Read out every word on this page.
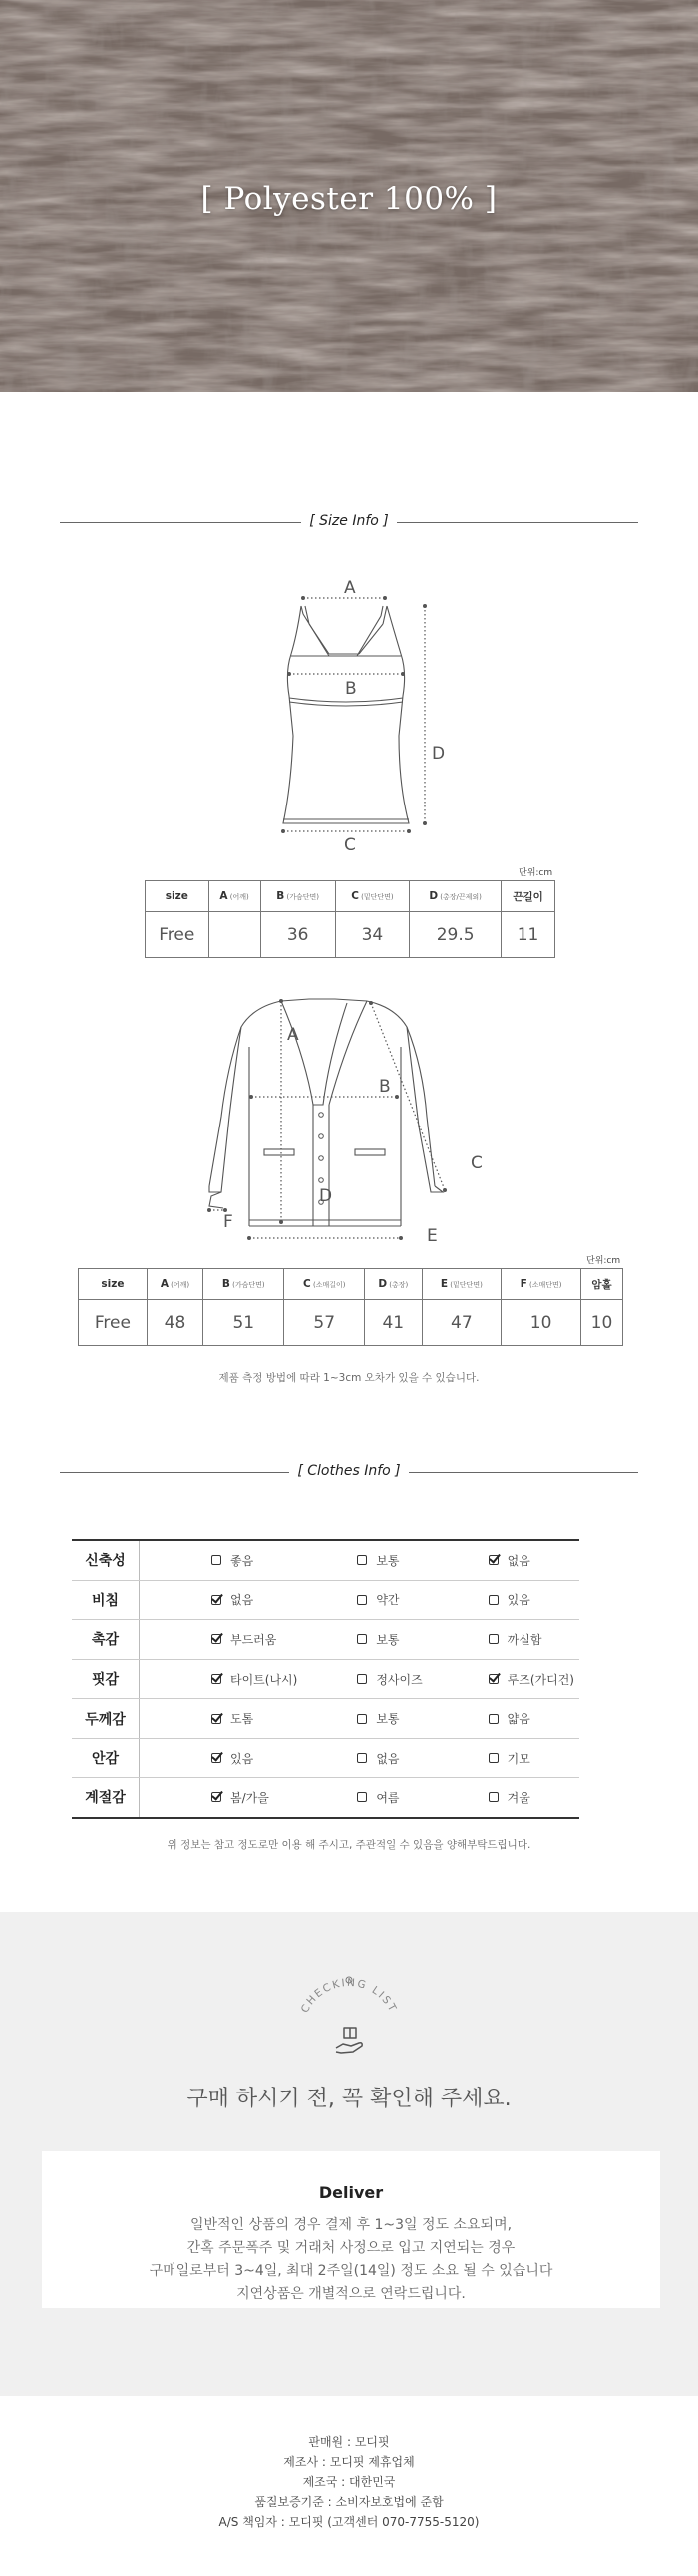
[ Polyester 100% ]
[ Size Info ]
A
B
C
D
단위:cm
size	A (어깨)	B (가슴단면)	C (밑단단면)	D (총장/끈제외)	끈길이
Free		36	34	29.5	11
A
B
C
D
E
F
단위:cm
size	A (어깨)	B (가슴단면)	C (소매길이)	D (총장)	E (밑단단면)	F (소매단면)	암홀
Free	48	51	57	41	47	10	10
제품 측정 방법에 따라 1~3cm 오차가 있을 수 있습니다.
[ Clothes Info ]
신축성	좋음	보통	없음
비침	없음	약간	있음
촉감	부드러움	보통	까실함
핏감	타이트(나시)	정사이즈	루즈(가디건)
두께감	도톰	보통	얇음
안감	있음	없음	기모
계절감	봄/가을	여름	겨울
위 정보는 참고 정도로만 이용 해 주시고, 주관적일 수 있음을 양해부탁드립니다.
CHECKING LIST
구매 하시기 전, 꼭 확인해 주세요.
Deliver

일반적인 상품의 경우 결제 후 1~3일 정도 소요되며,
간혹 주문폭주 및 거래처 사정으로 입고 지연되는 경우
구매일로부터 3~4일, 최대 2주일(14일) 정도 소요 될 수 있습니다
지연상품은 개별적으로 연락드립니다.

판매원 : 모디핏
제조사 : 모디핏 제휴업체
제조국 : 대한민국
품질보증기준 : 소비자보호법에 준함
A/S 책임자 : 모디핏 (고객센터 070-7755-5120)
